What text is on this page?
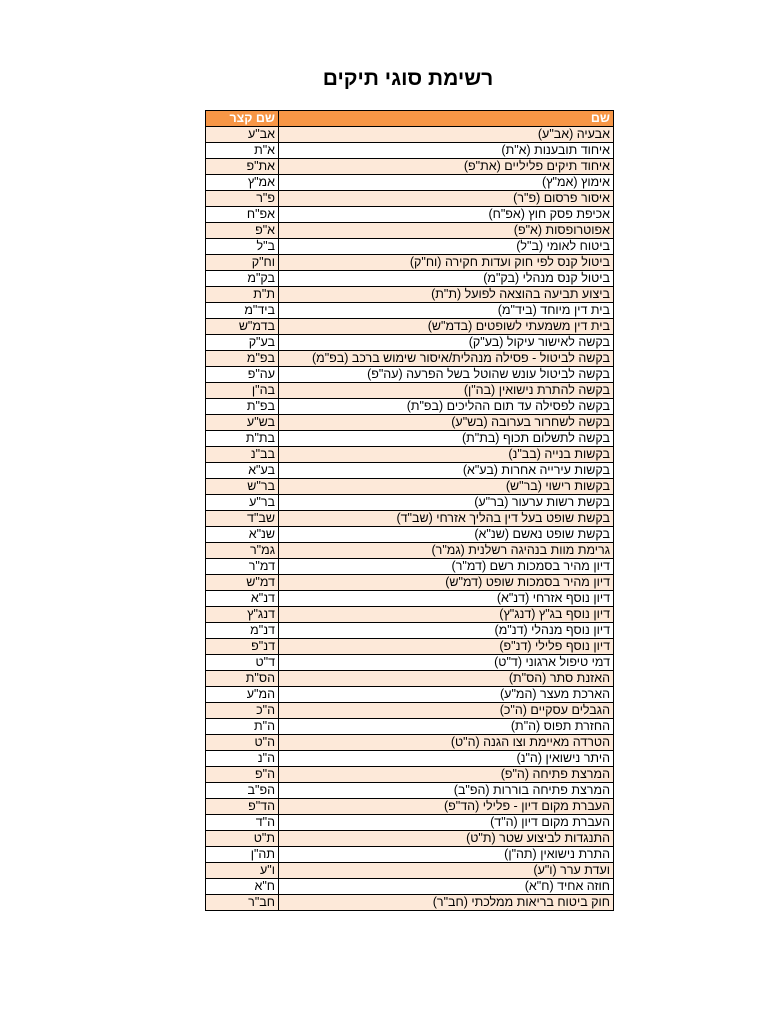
רשימת סוגי תיקים
שם	שם קצר
אבעיה (אב"ע)	אב"ע
איחוד תובענות (א"ת)	א"ת
איחוד תיקים פליליים (את"פ)	את"פ
אימוץ (אמ"ץ)	אמ"ץ
איסור פרסום (פ"ר)	פ"ר
אכיפת פסק חוץ (אפ"ח)	אפ"ח
אפוטרופסות (א"פ)	א"פ
ביטוח לאומי (ב"ל)	ב"ל
ביטול קנס לפי חוק ועדות חקירה (וח"ק)	וח"ק
ביטול קנס מנהלי (בק"מ)	בק"מ
ביצוע תביעה בהוצאה לפועל (ת"ת)	ת"ת
בית דין מיוחד (ביד"מ)	ביד"מ
בית דין משמעתי לשופטים (בדמ"ש)	בדמ"ש
בקשה לאישור עיקול (בע"ק)	בע"ק
בקשה לביטול - פסילה מנהלית/איסור שימוש ברכב (בפ"מ)	בפ"מ
בקשה לביטול עונש שהוטל בשל הפרעה (עה"פ)	עה"פ
בקשה להתרת נישואין (בה"ן)	בה"ן
בקשה לפסילה עד תום ההליכים (בפ"ת)	בפ"ת
בקשה לשחרור בערובה (בש"ע)	בש"ע
בקשה לתשלום תכוף (בת"ת)	בת"ת
בקשות בנייה (בב"נ)	בב"נ
בקשות עירייה אחרות (בע"א)	בע"א
בקשות רישוי (בר"ש)	בר"ש
בקשת רשות ערעור (בר"ע)	בר"ע
בקשת שופט בעל דין בהליך אזרחי (שב"ד)	שב"ד
בקשת שופט נאשם (שנ"א)	שנ"א
גרימת מוות בנהיגה רשלנית (גמ"ר)	גמ"ר
דיון מהיר בסמכות רשם (דמ"ר)	דמ"ר
דיון מהיר בסמכות שופט (דמ"ש)	דמ"ש
דיון נוסף אזרחי (דנ"א)	דנ"א
דיון נוסף בג"ץ (דנג"ץ)	דנג"ץ
דיון נוסף מנהלי (דנ"מ)	דנ"מ
דיון נוסף פלילי (דנ"פ)	דנ"פ
דמי טיפול ארגוני (ד"ט)	ד"ט
האזנת סתר (הס"ת)	הס"ת
הארכת מעצר (המ"ע)	המ"ע
הגבלים עסקיים (ה"כ)	ה"כ
החזרת תפוס (ה"ת)	ה"ת
הטרדה מאיימת וצו הגנה (ה"ט)	ה"ט
היתר נישואין (ה"נ)	ה"נ
המרצת פתיחה (ה"פ)	ה"פ
המרצת פתיחה בוררות (הפ"ב)	הפ"ב
העברת מקום דיון - פלילי (הד"פ)	הד"פ
העברת מקום דיון (ה"ד)	ה"ד
התנגדות לביצוע שטר (ת"ט)	ת"ט
התרת נישואין (תה"ן)	תה"ן
ועדת ערר (ו"ע)	ו"ע
חוזה אחיד (ח"א)	ח"א
חוק ביטוח בריאות ממלכתי (חב"ר)	חב"ר
